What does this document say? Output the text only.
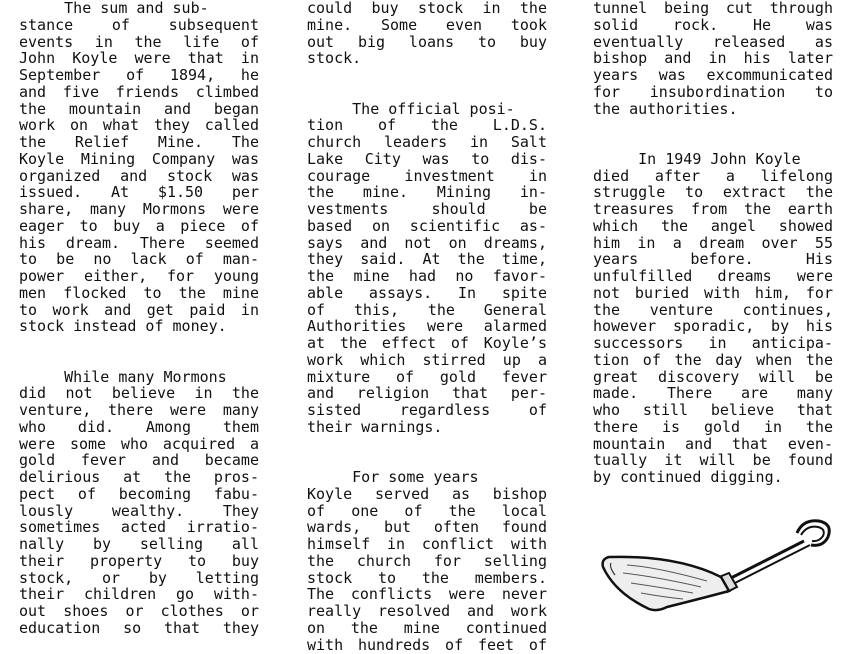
The sum and sub-
stance of subsequent
events in the life of
John Koyle were that in
September of 1894, he
and five friends climbed
the mountain and began
work on what they called
the Relief Mine. The
Koyle Mining Company was
organized and stock was
issued. At $1.50 per
share, many Mormons were
eager to buy a piece of
his dream. There seemed
to be no lack of man-
power either, for young
men flocked to the mine
to work and get paid in
stock instead of money.
While many Mormons
did not believe in the
venture, there were many
who did. Among them
were some who acquired a
gold fever and became
delirious at the pros-
pect of becoming fabu-
lously wealthy. They
sometimes acted irratio-
nally by selling all
their property to buy
stock, or by letting
their children go with-
out shoes or clothes or
education so that they
could buy stock in the
mine. Some even took
out big loans to buy
stock.
The official posi-
tion of the L.D.S.
church leaders in Salt
Lake City was to dis-
courage investment in
the mine. Mining in-
vestments should be
based on scientific as-
says and not on dreams,
they said. At the time,
the mine had no favor-
able assays. In spite
of this, the General
Authorities were alarmed
at the effect of Koyle’s
work which stirred up a
mixture of gold fever
and religion that per-
sisted regardless of
their warnings.
For some years
Koyle served as bishop
of one of the local
wards, but often found
himself in conflict with
the church for selling
stock to the members.
The conflicts were never
really resolved and work
on the mine continued
with hundreds of feet of
tunnel being cut through
solid rock. He was
eventually released as
bishop and in his later
years was excommunicated
for insubordination to
the authorities.
In 1949 John Koyle
died after a lifelong
struggle to extract the
treasures from the earth
which the angel showed
him in a dream over 55
years before. His
unfulfilled dreams were
not buried with him, for
the venture continues,
however sporadic, by his
successors in anticipa-
tion of the day when the
great discovery will be
made. There are many
who still believe that
there is gold in the
mountain and that even-
tually it will be found
by continued digging.
